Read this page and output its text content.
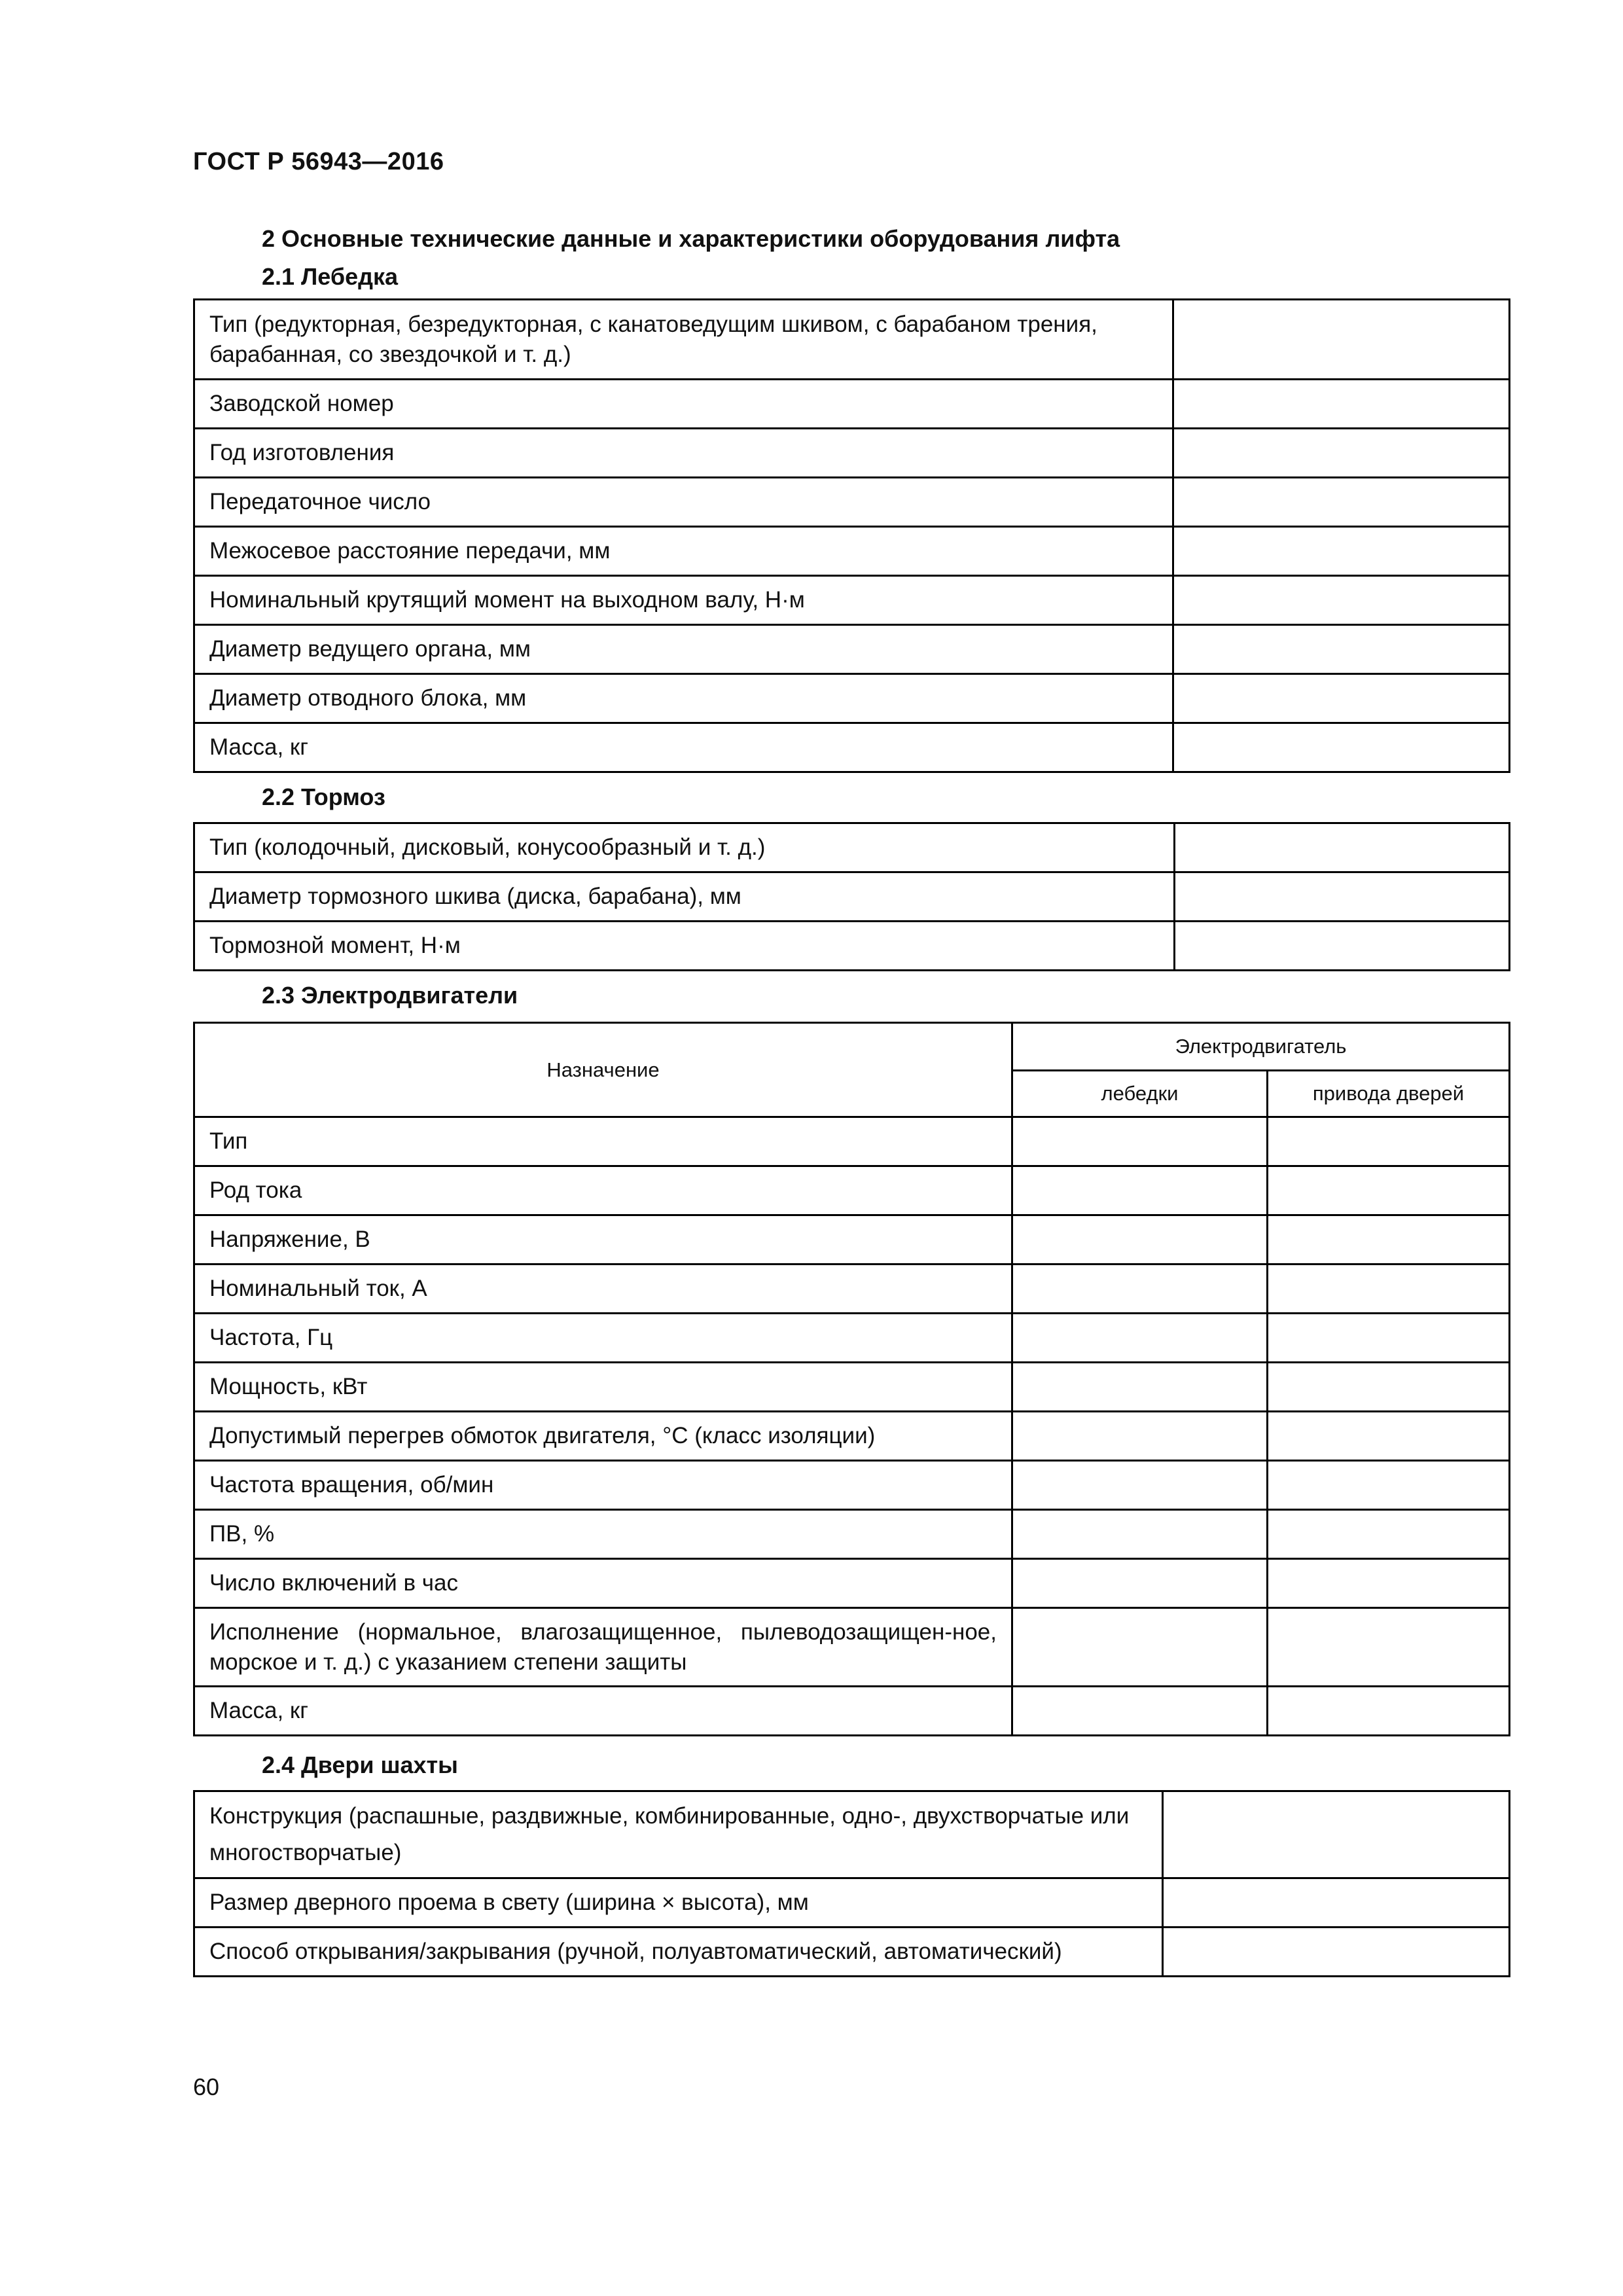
ГОСТ Р 56943—2016
2 Основные технические данные и характеристики оборудования лифта
2.1 Лебедка
Тип (редукторная, безредукторная, с канатоведущим шкивом, с барабаном трения, барабанная, со звездочкой и т. д.)	
Заводской номер	
Год изготовления	
Передаточное число	
Межосевое расстояние передачи, мм	
Номинальный крутящий момент на выходном валу, Н·м	
Диаметр ведущего органа, мм	
Диаметр отводного блока, мм	
Масса, кг	
2.2 Тормоз
Тип (колодочный, дисковый, конусообразный и т. д.)	
Диаметр тормозного шкива (диска, барабана), мм	
Тормозной момент, Н·м	
2.3 Электродвигатели
Назначение	Электродвигатель	
	лебедки	привода дверей
Тип		
Род тока		
Напряжение, В		
Номинальный ток, А		
Частота, Гц		
Мощность, кВт		
Допустимый перегрев обмоток двигателя, °С (класс изоляции)		
Частота вращения, об/мин		
ПВ, %		
Число включений в час		
Исполнение (нормальное, влагозащищенное, пылеводозащищен-ное, морское и т. д.) с указанием степени защиты		
Масса, кг		
2.4 Двери шахты
Конструкция (распашные, раздвижные, комбинированные, одно-, двухстворчатые или многостворчатые)	
Размер дверного проема в свету (ширина × высота), мм	
Способ открывания/закрывания (ручной, полуавтоматический, автоматический)	
60
